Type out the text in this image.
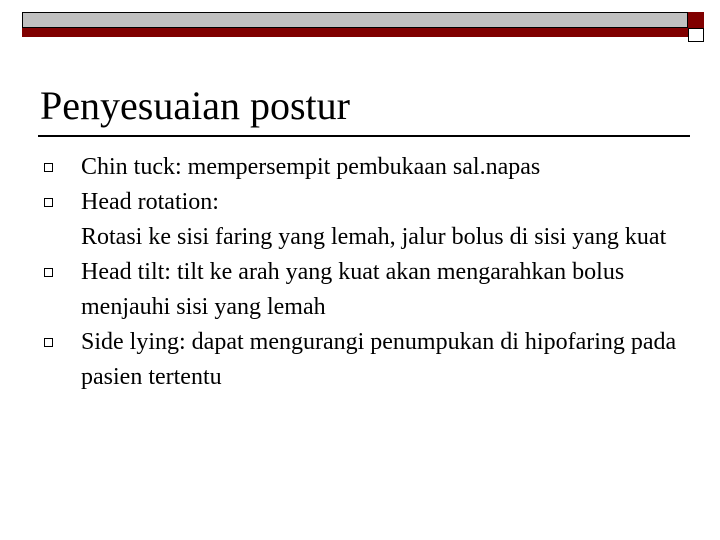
Penyesuaian postur
Chin tuck: mempersempit pembukaan sal.napas
Head rotation:
Rotasi ke sisi faring yang lemah, jalur bolus di sisi yang kuat
Head tilt: tilt ke arah yang kuat akan mengarahkan bolus menjauhi sisi yang lemah
Side lying: dapat mengurangi penumpukan di hipofaring pada pasien tertentu
